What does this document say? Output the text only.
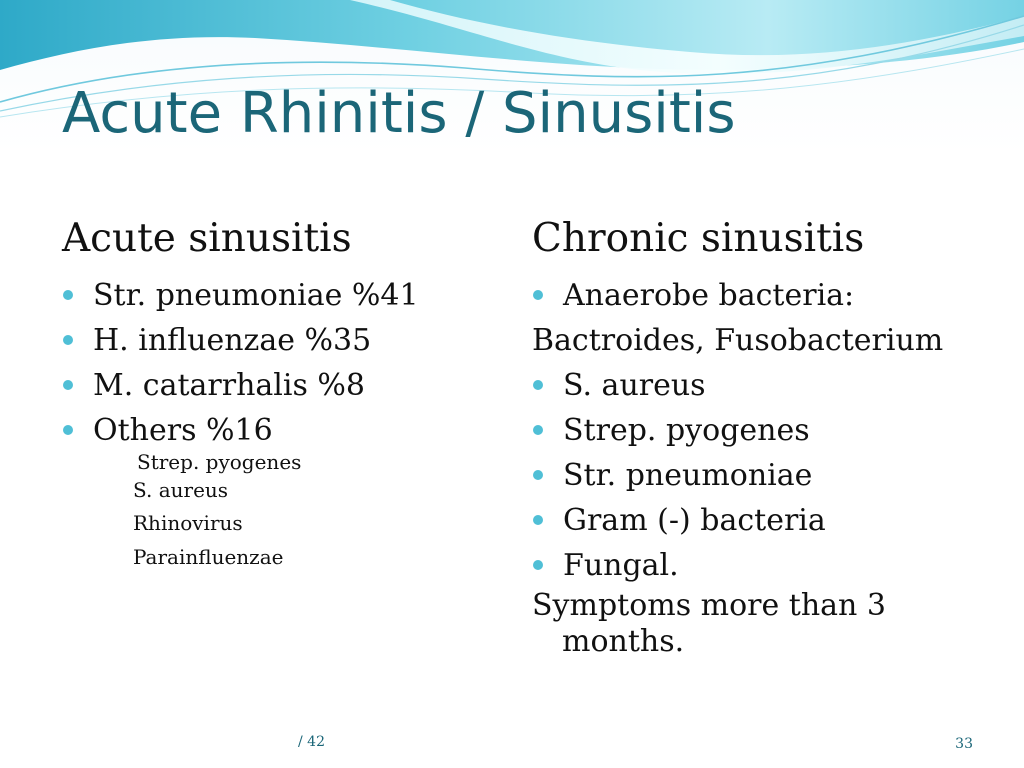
Acute Rhinitis / Sinusitis
Acute sinusitis
Str. pneumoniae %41
H. influenzae %35
M. catarrhalis %8
Others %16
Strep. pyogenes
S. aureus
Rhinovirus
Parainfluenzae
Chronic sinusitis
Anaerobe bacteria:
Bactroides, Fusobacterium
S. aureus
Strep. pyogenes
Str. pneumoniae
Gram (-) bacteria
Fungal.
Symptoms more than 3 months.
/ 42	33
